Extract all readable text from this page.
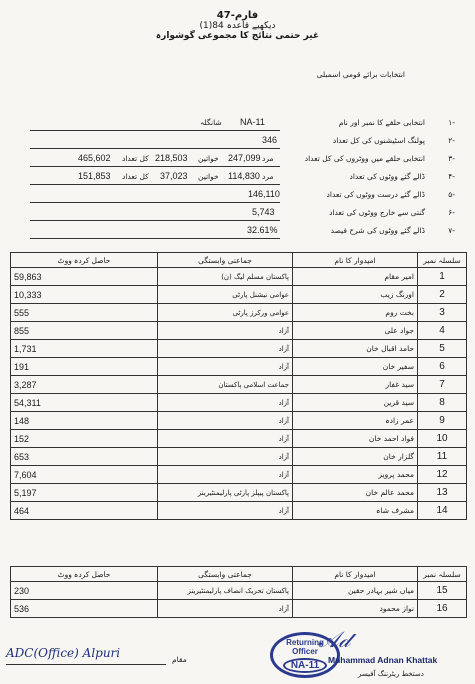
فارم-47
دیکھیے قاعدہ 84(1)
غیر حتمی نتائج کا مجموعی گوشوارہ
انتخابات برائے قومی اسمبلی
-۱
انتخابی حلقے کا نمبر اور نام
NA-11
شانگلہ
-۲
پولنگ اسٹیشنوں کی کل تعداد
346
-۳
انتخابی حلقے میں ووٹروں کی کل تعداد
مرد
247,099
خواتین
218,503
کل تعداد
465,602
-۴
ڈالے گئے ووٹوں کی تعداد
مرد
114,830
خواتین
37,023
کل تعداد
151,853
-۵
ڈالے گئے درست ووٹوں کی تعداد
146,110
-۶
گنتی سے خارج ووٹوں کی تعداد
5,743
-۷
ڈالے گئے ووٹوں کی شرح فیصد
32.61%
حاصل کردہ ووٹ	جماعتی وابستگی	امیدوار کا نام	سلسلہ نمبر
59,863	پاکستان مسلم لیگ (ن)	امیر مقام	1
10,333	عوامی نیشنل پارٹی	اورنگ زیب	2
555	عوامی ورکرز پارٹی	بخت روم	3
855	آزاد	جواد علی	4
1,731	آزاد	حامد اقبال خان	5
191	آزاد	سفیر خان	6
3,287	جماعت اسلامی پاکستان	سید غفار	7
54,311	آزاد	سید قرین	8
148	آزاد	عمر زادہ	9
152	آزاد	فواد احمد خان	10
653	آزاد	گلزار خان	11
7,604	آزاد	محمد پرویز	12
5,197	پاکستان پیپلز پارٹی پارلیمنٹیرینز	محمد عالم خان	13
464	آزاد	مشرف شاہ	14
حاصل کردہ ووٹ	جماعتی وابستگی	امیدوار کا نام	سلسلہ نمبر
230	پاکستان تحریک انصاف پارلیمنٹیرینز	میاں شیر بہادر حقین	15
536	آزاد	نواز محمود	16
ADC(Office) Alpuri	مقام
Returning Officer
NA-11
𝒜𝒹
Muhammad Adnan Khattak
دستخط ریٹرننگ آفیسر
